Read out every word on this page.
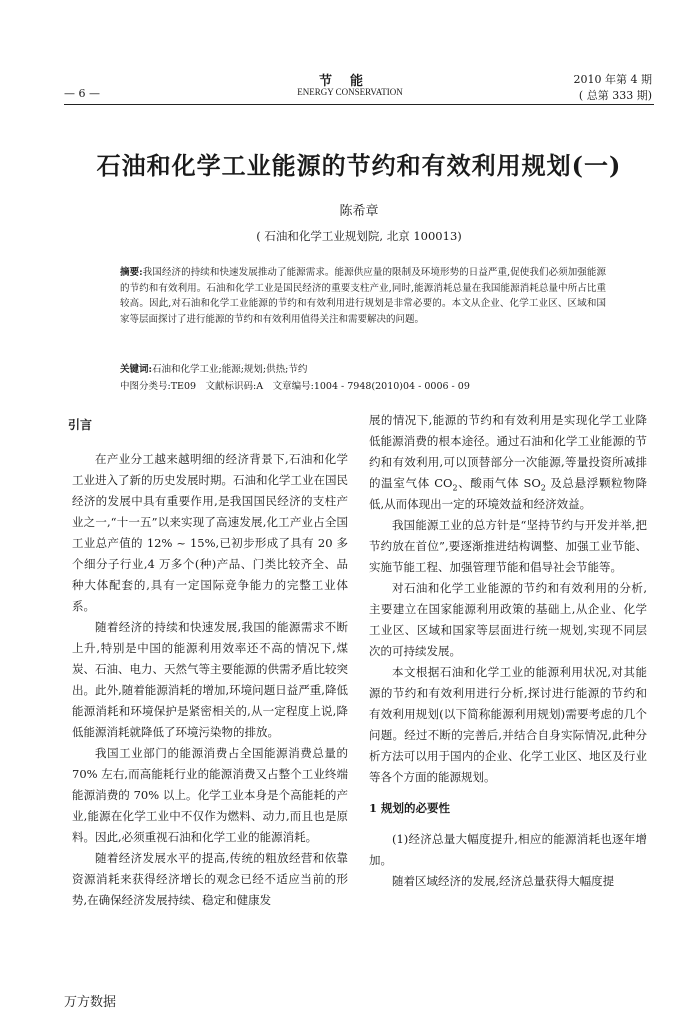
节能
ENERGY CONSERVATION
— 6 —
2010 年第 4 期
( 总第 333 期)
石油和化学工业能源的节约和有效利用规划(一)
陈希章
( 石油和化学工业规划院, 北京 100013)
摘要:我国经济的持续和快速发展推动了能源需求。能源供应量的限制及环境形势的日益严重,促使我们必须加强能源的节约和有效利用。石油和化学工业是国民经济的重要支柱产业,同时,能源消耗总量在我国能源消耗总量中所占比重较高。因此,对石油和化学工业能源的节约和有效利用进行规划是非常必要的。本文从企业、化学工业区、区域和国家等层面探讨了进行能源的节约和有效利用值得关注和需要解决的问题。
关键词:石油和化学工业;能源;规划;供热;节约
中图分类号:TE09　文献标识码:A　文章编号:1004 - 7948(2010)04 - 0006 - 09
引言

在产业分工越来越明细的经济背景下,石油和化学工业进入了新的历史发展时期。石油和化学工业在国民经济的发展中具有重要作用,是我国国民经济的支柱产业之一,“十一五”以来实现了高速发展,化工产业占全国工业总产值的 12% ~ 15%,已初步形成了具有 20 多个细分子行业,4 万多个(种)产品、门类比较齐全、品种大体配套的,具有一定国际竞争能力的完整工业体系。

随着经济的持续和快速发展,我国的能源需求不断上升,特别是中国的能源利用效率还不高的情况下,煤炭、石油、电力、天然气等主要能源的供需矛盾比较突出。此外,随着能源消耗的增加,环境问题日益严重,降低能源消耗和环境保护是紧密相关的,从一定程度上说,降低能源消耗就降低了环境污染物的排放。

我国工业部门的能源消费占全国能源消费总量的 70% 左右,而高能耗行业的能源消费又占整个工业终端能源消费的 70% 以上。化学工业本身是个高能耗的产业,能源在化学工业中不仅作为燃料、动力,而且也是原料。因此,必须重视石油和化学工业的能源消耗。

随着经济发展水平的提高,传统的粗放经营和依靠资源消耗来获得经济增长的观念已经不适应当前的形势,在确保经济发展持续、稳定和健康发

展的情况下,能源的节约和有效利用是实现化学工业降低能源消费的根本途径。通过石油和化学工业能源的节约和有效利用,可以顶替部分一次能源,等量投资所减排的温室气体 $CO_2$、酸雨气体 $SO_2$ 及总悬浮颗粒物降低,从而体现出一定的环境效益和经济效益。

我国能源工业的总方针是“坚持节约与开发并举,把节约放在首位”,要逐渐推进结构调整、加强工业节能、实施节能工程、加强管理节能和倡导社会节能等。

对石油和化学工业能源的节约和有效利用的分析,主要建立在国家能源利用政策的基础上,从企业、化学工业区、区域和国家等层面进行统一规划,实现不同层次的可持续发展。

本文根据石油和化学工业的能源利用状况,对其能源的节约和有效利用进行分析,探讨进行能源的节约和有效利用规划(以下简称能源利用规划)需要考虑的几个问题。经过不断的完善后,并结合自身实际情况,此种分析方法可以用于国内的企业、化学工业区、地区及行业等各个方面的能源规划。

1 规划的必要性

(1)经济总量大幅度提升,相应的能源消耗也逐年增加。

随着区域经济的发展,经济总量获得大幅度提

万方数据
